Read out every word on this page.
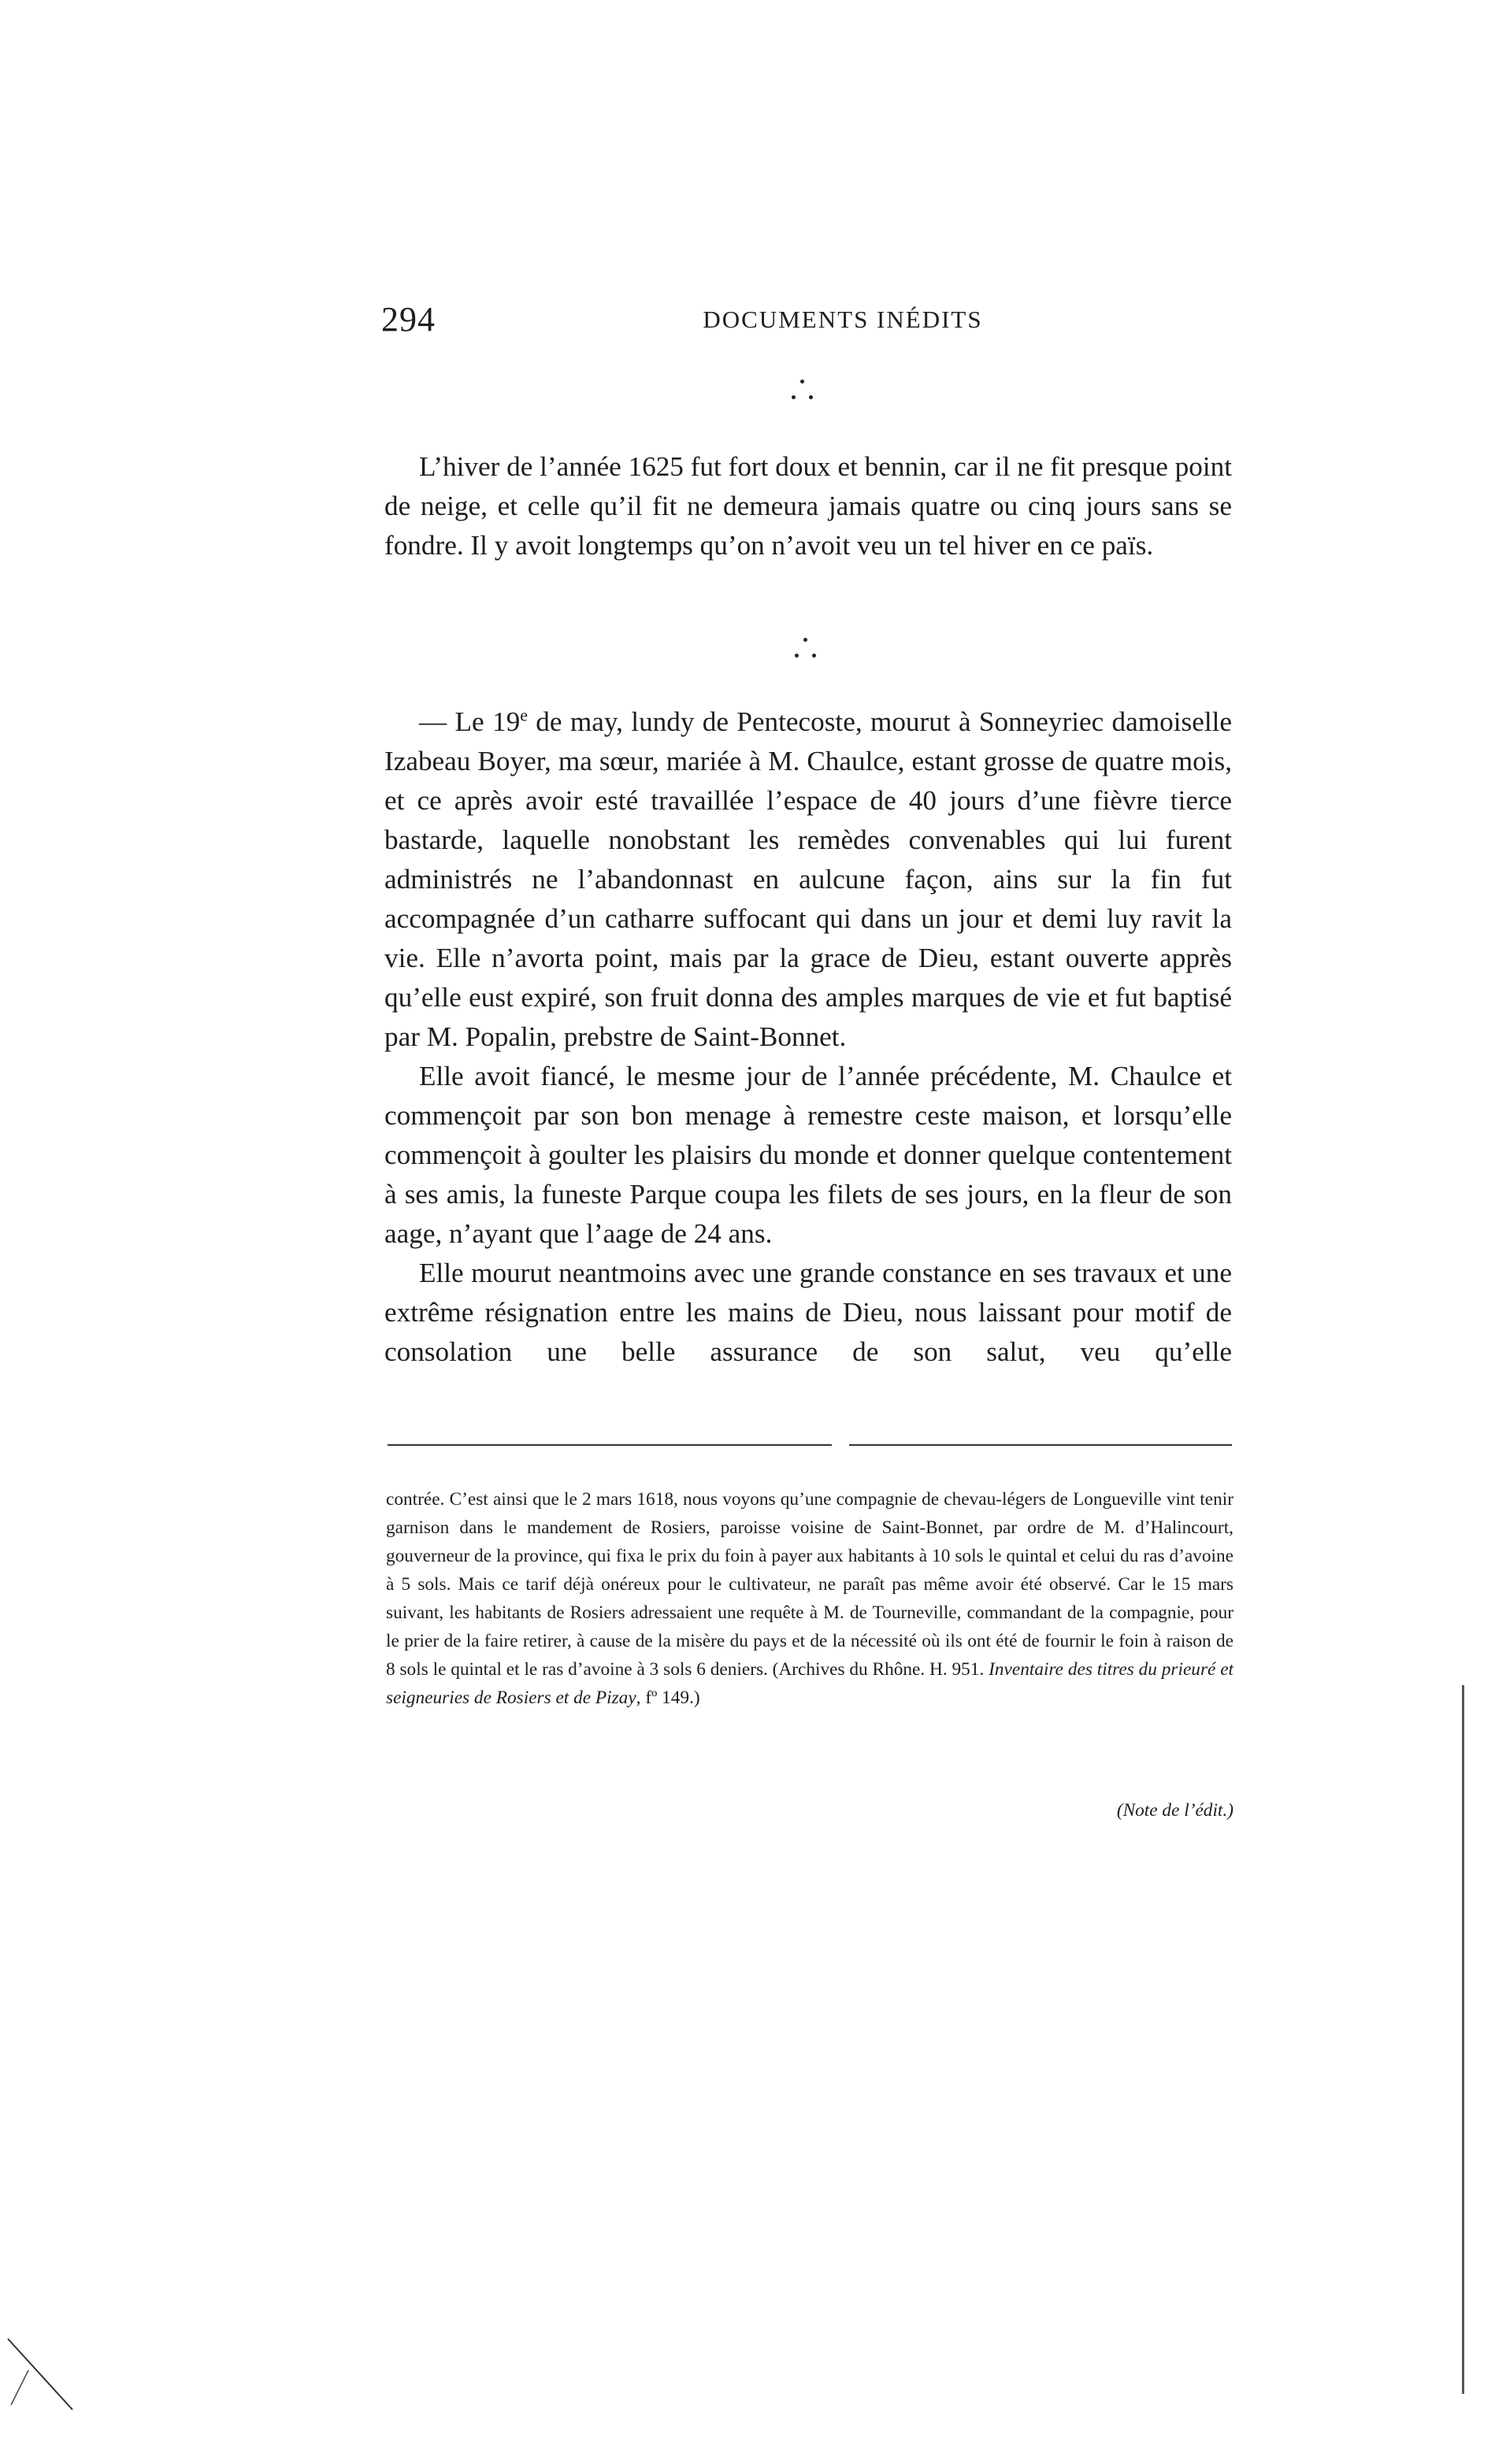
294	DOCUMENTS INÉDITS

L’hiver de l’année 1625 fut fort doux et bennin, car il ne fit presque point de neige, et celle qu’il fit ne demeura jamais quatre ou cinq jours sans se fondre. Il y avoit longtemps qu’on n’avoit veu un tel hiver en ce païs.

— Le 19e de may, lundy de Pentecoste, mourut à Sonneyriec damoiselle Izabeau Boyer, ma sœur, mariée à M. Chaulce, estant grosse de quatre mois, et ce après avoir esté travaillée l’espace de 40 jours d’une fièvre tierce bastarde, laquelle nonobstant les remèdes convenables qui lui furent administrés ne l’abandonnast en aulcune façon, ains sur la fin fut accompagnée d’un catharre suffocant qui dans un jour et demi luy ravit la vie. Elle n’avorta point, mais par la grace de Dieu, estant ouverte apprès qu’elle eust expiré, son fruit donna des amples marques de vie et fut baptisé par M. Popalin, prebstre de Saint-Bonnet.

Elle avoit fiancé, le mesme jour de l’année précédente, M. Chaulce et commençoit par son bon menage à remestre ceste maison, et lorsqu’elle commençoit à goulter les plaisirs du monde et donner quelque contentement à ses amis, la funeste Parque coupa les filets de ses jours, en la fleur de son aage, n’ayant que l’aage de 24 ans.

Elle mourut neantmoins avec une grande constance en ses travaux et une extrême résignation entre les mains de Dieu, nous laissant pour motif de consolation une belle assurance de son salut, veu qu’elle

contrée. C’est ainsi que le 2 mars 1618, nous voyons qu’une compagnie de chevau-légers de Longueville vint tenir garnison dans le mandement de Rosiers, paroisse voisine de Saint-Bonnet, par ordre de M. d’Halincourt, gouverneur de la province, qui fixa le prix du foin à payer aux habitants à 10 sols le quintal et celui du ras d’avoine à 5 sols. Mais ce tarif déjà onéreux pour le cultivateur, ne paraît pas même avoir été observé. Car le 15 mars suivant, les habitants de Rosiers adressaient une requête à M. de Tourneville, commandant de la compagnie, pour le prier de la faire retirer, à cause de la misère du pays et de la nécessité où ils ont été de fournir le foin à raison de 8 sols le quintal et le ras d’avoine à 3 sols 6 deniers. (Archives du Rhône. H. 951. Inventaire des titres du prieuré et seigneuries de Rosiers et de Pizay, fº 149.)

(Note de l’édit.)
